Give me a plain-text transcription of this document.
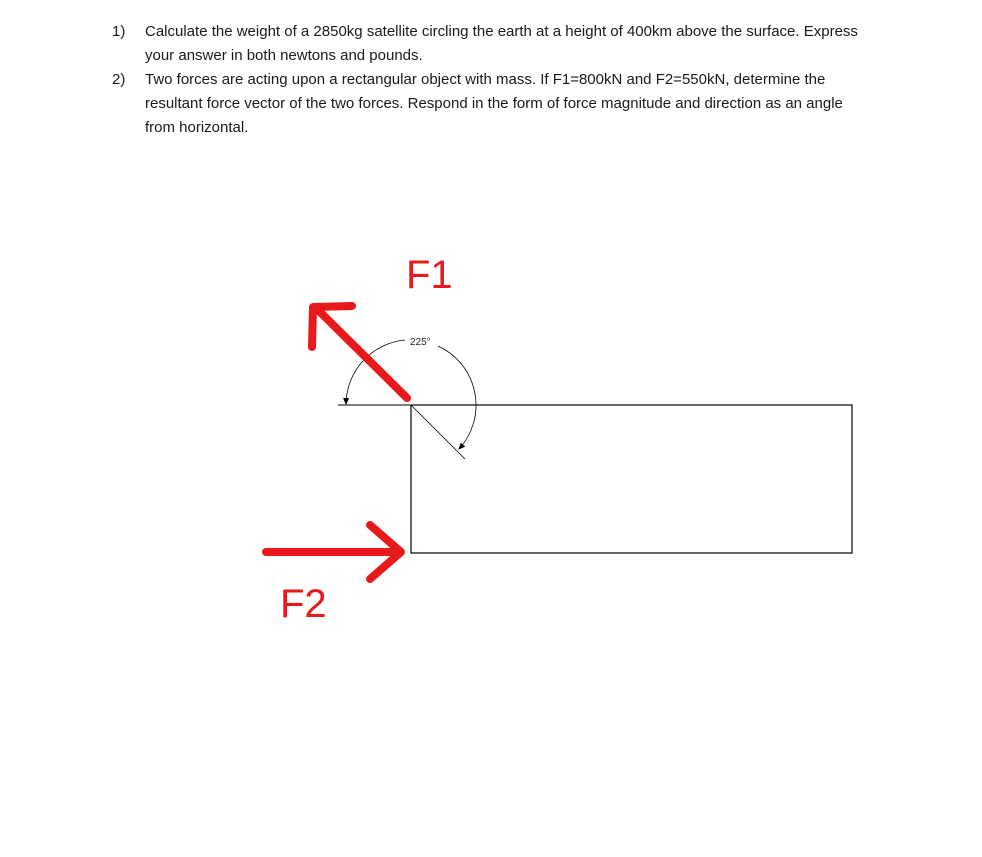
1) Calculate the weight of a 2850kg satellite circling the earth at a height of 400km above the surface. Express your answer in both newtons and pounds.
2) Two forces are acting upon a rectangular object with mass. If F1=800kN and F2=550kN, determine the resultant force vector of the two forces. Respond in the form of force magnitude and direction as an angle from horizontal.
225°
F1
F2
